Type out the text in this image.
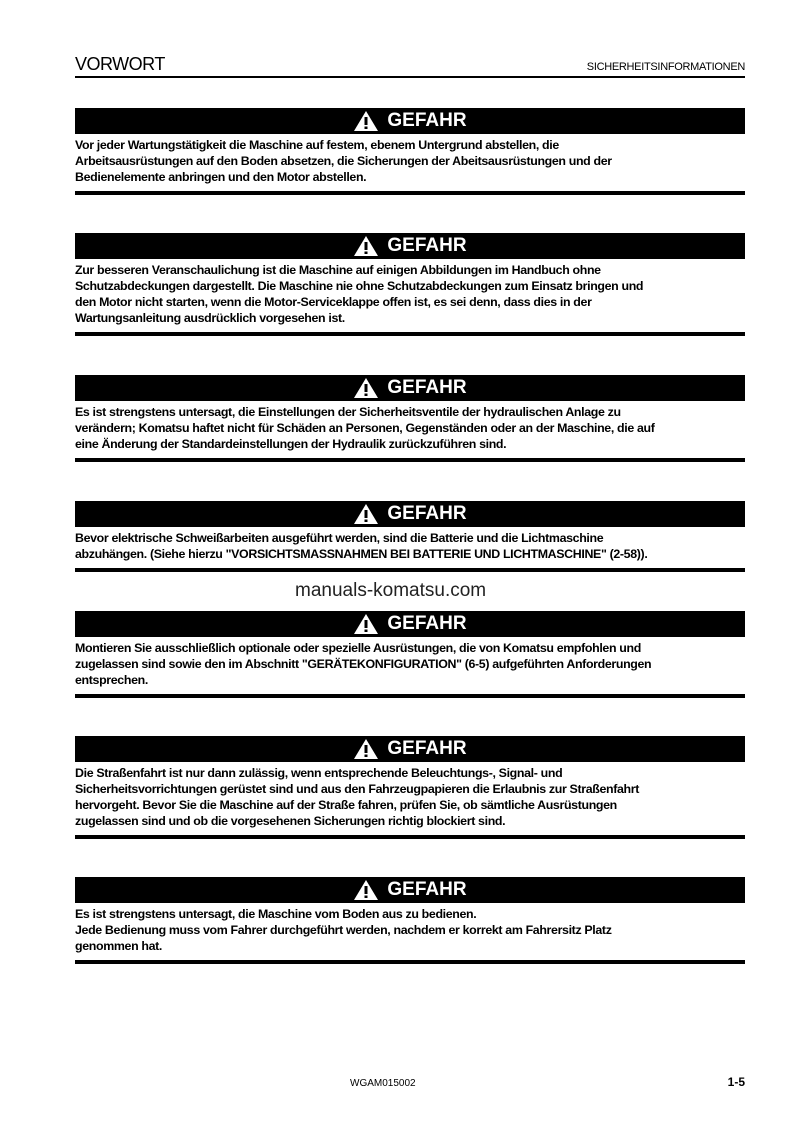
VORWORT	SICHERHEITSINFORMATIONEN
GEFAHR
Vor jeder Wartungstätigkeit die Maschine auf festem, ebenem Untergrund abstellen, die
Arbeitsausrüstungen auf den Boden absetzen, die Sicherungen der Abeitsausrüstungen und der
Bedienelemente anbringen und den Motor abstellen.
GEFAHR
Zur besseren Veranschaulichung ist die Maschine auf einigen Abbildungen im Handbuch ohne
Schutzabdeckungen dargestellt. Die Maschine nie ohne Schutzabdeckungen zum Einsatz bringen und
den Motor nicht starten, wenn die Motor-Serviceklappe offen ist, es sei denn, dass dies in der
Wartungsanleitung ausdrücklich vorgesehen ist.
GEFAHR
Es ist strengstens untersagt, die Einstellungen der Sicherheitsventile der hydraulischen Anlage zu
verändern; Komatsu haftet nicht für Schäden an Personen, Gegenständen oder an der Maschine, die auf
eine Änderung der Standardeinstellungen der Hydraulik zurückzuführen sind.
GEFAHR
Bevor elektrische Schweißarbeiten ausgeführt werden, sind die Batterie und die Lichtmaschine
abzuhängen. (Siehe hierzu "VORSICHTSMASSNAHMEN BEI BATTERIE UND LICHTMASCHINE" (2-58)).
GEFAHR
Montieren Sie ausschließlich optionale oder spezielle Ausrüstungen, die von Komatsu empfohlen und
zugelassen sind sowie den im Abschnitt "GERÄTEKONFIGURATION" (6-5) aufgeführten Anforderungen
entsprechen.
GEFAHR
Die Straßenfahrt ist nur dann zulässig, wenn entsprechende Beleuchtungs-, Signal- und
Sicherheitsvorrichtungen gerüstet sind und aus den Fahrzeugpapieren die Erlaubnis zur Straßenfahrt
hervorgeht. Bevor Sie die Maschine auf der Straße fahren, prüfen Sie, ob sämtliche Ausrüstungen
zugelassen sind und ob die vorgesehenen Sicherungen richtig blockiert sind.
GEFAHR
Es ist strengstens untersagt, die Maschine vom Boden aus zu bedienen.
Jede Bedienung muss vom Fahrer durchgeführt werden, nachdem er korrekt am Fahrersitz Platz
genommen hat.
manuals-komatsu.com
WGAM015002	1-5
